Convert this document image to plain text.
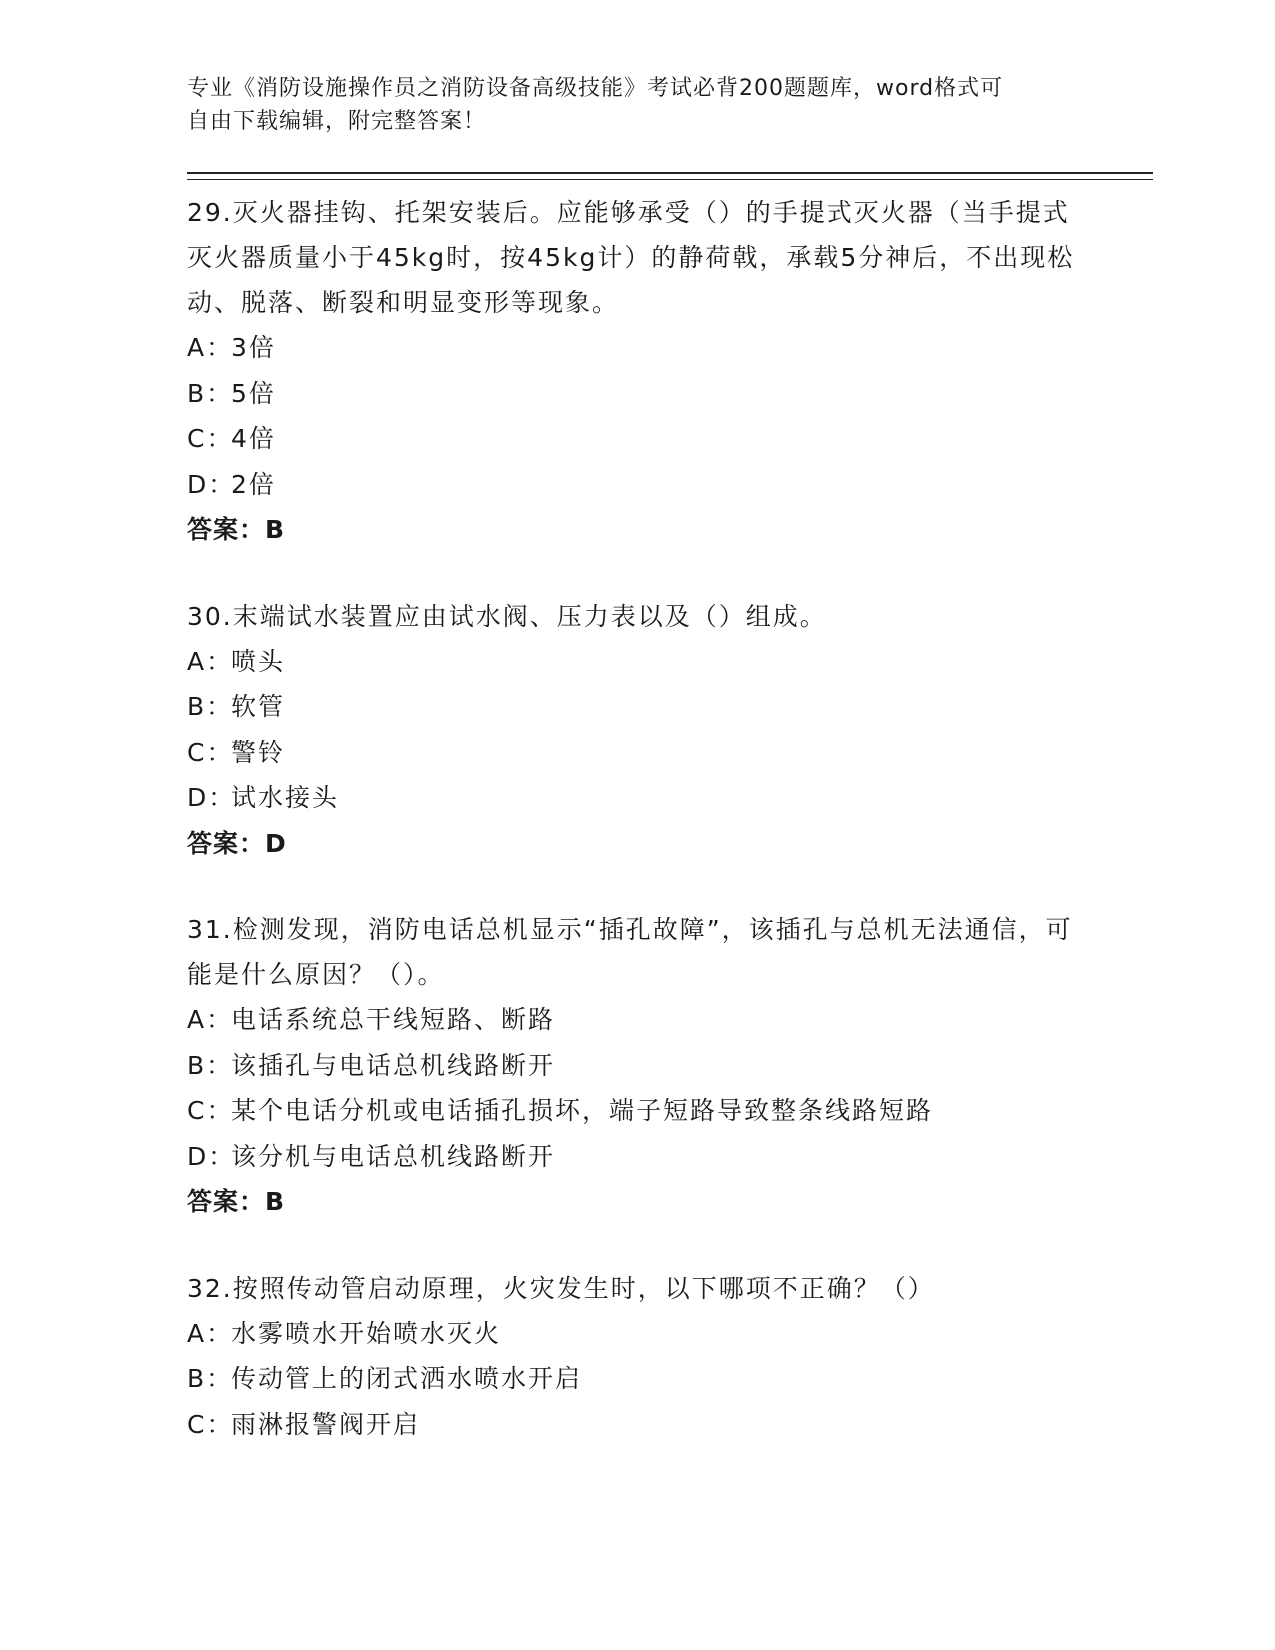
专业《消防设施操作员之消防设备高级技能》考试必背200题题库，word格式可
自由下载编辑，附完整答案！
29.灭火器挂钩、托架安装后。应能够承受（）的手提式灭火器（当手提式灭火器质量小于45kg时，按45kg计）的静荷戟，承载5分神后，不出现松动、脱落、断裂和明显变形等现象。
A：3倍
B：5倍
C：4倍
D：2倍
答案：B
30.末端试水装置应由试水阀、压力表以及（）组成。
A：喷头
B：软管
C：警铃
D：试水接头
答案：D
31.检测发现，消防电话总机显示“插孔故障”，该插孔与总机无法通信，可能是什么原因？（）。
A：电话系统总干线短路、断路
B：该插孔与电话总机线路断开
C：某个电话分机或电话插孔损坏，端子短路导致整条线路短路
D：该分机与电话总机线路断开
答案：B
32.按照传动管启动原理，火灾发生时，以下哪项不正确？（）
A：水雾喷水开始喷水灭火
B：传动管上的闭式洒水喷水开启
C：雨淋报警阀开启
